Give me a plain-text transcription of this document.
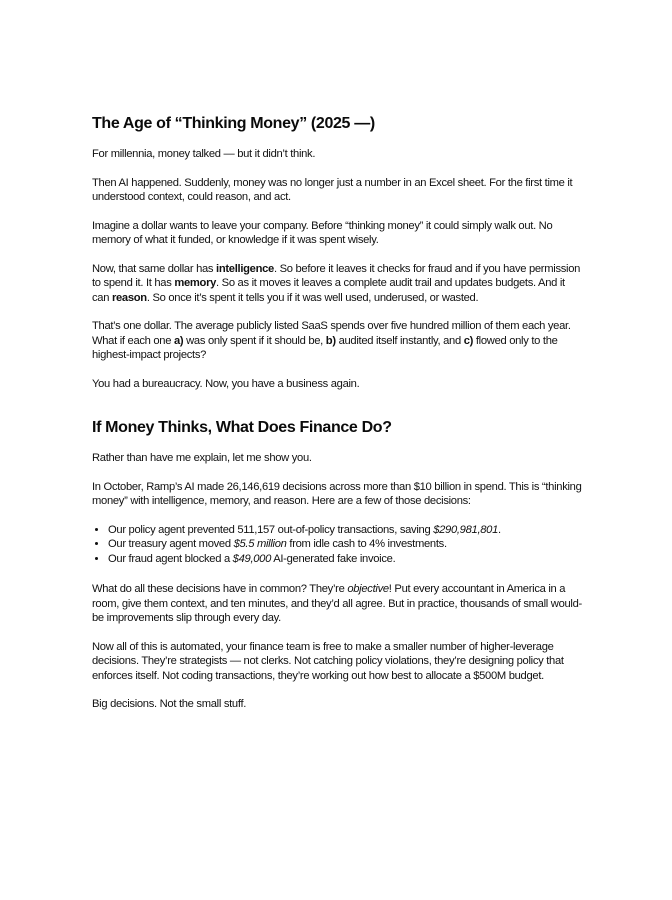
The Age of “Thinking Money” (2025 —)

For millennia, money talked — but it didn’t think.

Then AI happened. Suddenly, money was no longer just a number in an Excel sheet. For the first time it understood context, could reason, and act.

Imagine a dollar wants to leave your company. Before “thinking money” it could simply walk out. No memory of what it funded, or knowledge if it was spent wisely.

Now, that same dollar has intelligence. So before it leaves it checks for fraud and if you have permission to spend it. It has memory. So as it moves it leaves a complete audit trail and updates budgets. And it can reason. So once it’s spent it tells you if it was well used, underused, or wasted.

That’s one dollar. The average publicly listed SaaS spends over five hundred million of them each year. What if each one a) was only spent if it should be, b) audited itself instantly, and c) flowed only to the highest-impact projects?

You had a bureaucracy. Now, you have a business again.

If Money Thinks, What Does Finance Do?

Rather than have me explain, let me show you.

In October, Ramp’s AI made 26,146,619 decisions across more than $10 billion in spend. This is “thinking money” with intelligence, memory, and reason. Here are a few of those decisions:

• Our policy agent prevented 511,157 out-of-policy transactions, saving $290,981,801.
• Our treasury agent moved $5.5 million from idle cash to 4% investments.
• Our fraud agent blocked a $49,000 AI-generated fake invoice.

What do all these decisions have in common? They’re objective! Put every accountant in America in a room, give them context, and ten minutes, and they’d all agree. But in practice, thousands of small would-be improvements slip through every day.

Now all of this is automated, your finance team is free to make a smaller number of higher-leverage decisions. They’re strategists — not clerks. Not catching policy violations, they’re designing policy that enforces itself. Not coding transactions, they’re working out how best to allocate a $500M budget.

Big decisions. Not the small stuff.
